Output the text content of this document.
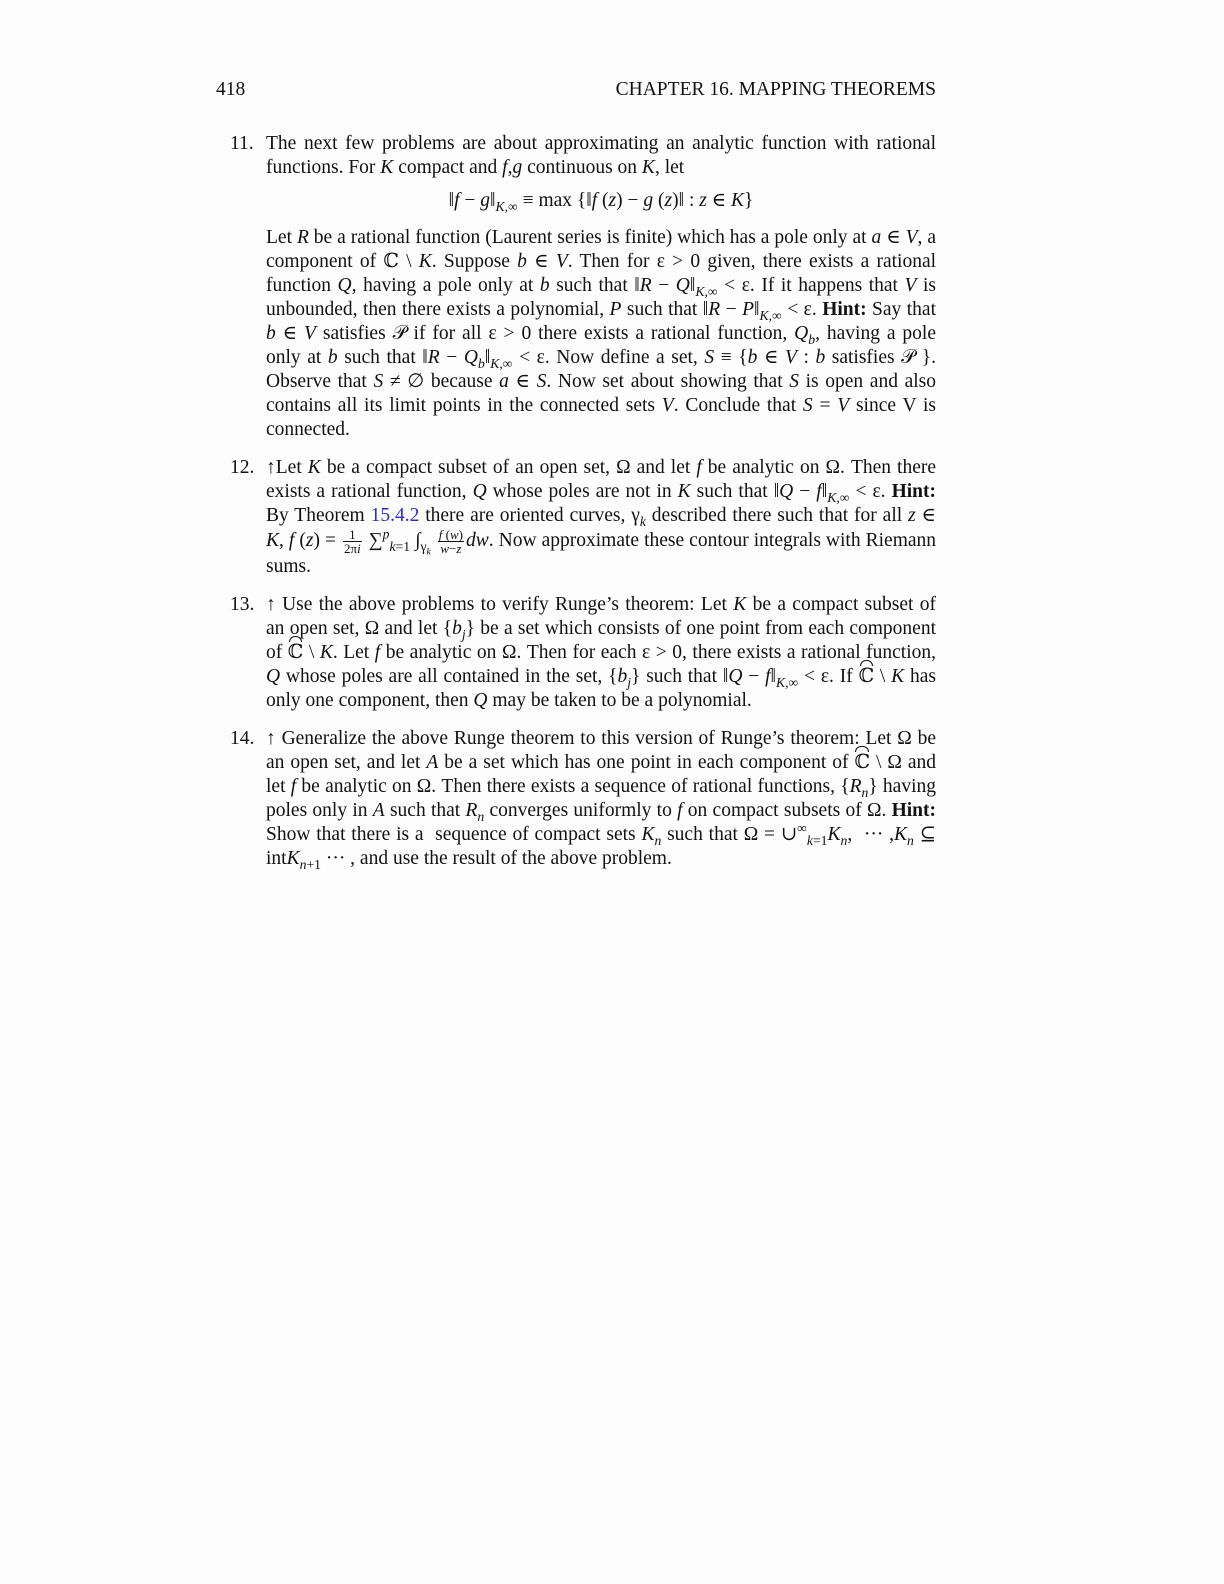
418	CHAPTER 16. MAPPING THEOREMS
11. The next few problems are about approximating an analytic function with rational functions. For K compact and f,g continuous on K, let
‖f − $g‖_{K,\infty} \equiv \max$ {‖f (z) − g (z)‖ : z ∈ K}
Let R be a rational function (Laurent series is finite) which has a pole only at a ∈ V, a component of ℂ \ K. Suppose b ∈ V. Then for ε > 0 given, there exists a rational function Q, having a pole only at b such that ‖R − $Q‖_{K,\infty} < \varepsilon$. If it happens that V is unbounded, then there exists a polynomial, P such that ‖R − $P‖_{K,\infty} < \varepsilon$. Hint: Say that b ∈ V satisfies 𝒫 if for all ε > 0 there exists a rational function, $Q_b$, having a pole only at b such that ‖R − $Q_b‖_{K,\infty} < \varepsilon$. Now define a set, S ≡ {b ∈ V : b satisfies 𝒫 }. Observe that S ≠ ∅ because a ∈ S. Now set about showing that S is open and also contains all its limit points in the connected sets V. Conclude that S = V since V is connected.
12. ↑Let K be a compact subset of an open set, Ω and let f be analytic on Ω. Then there exists a rational function, Q whose poles are not in K such that ‖Q − $f‖_{K,\infty} < \varepsilon$. Hint: By Theorem 15.4.2 there are oriented curves, $\gamma_k$ described there such that for all z ∈ K, f $(z) = \frac{1}{2\pi i} \sum^p_{k=1}$ $\int_{\gamma_k} \frac{f (w)}{w-z}$ dw. Now approximate these contour integrals with Riemann sums.
13. ↑ Use the above problems to verify Runge’s theorem: Let K be a compact subset of an open set, Ω and let $\{b_j\}$ be a set which consists of one point from each component of ℂ \ K. Let f be analytic on Ω. Then for each ε > 0, there exists a rational function, Q whose poles are all contained in the set, $\{b_j\}$ such that ‖Q − $f‖_{K,\infty} < \varepsilon$. If ℂ \ K has only one component, then Q may be taken to be a polynomial.
14. ↑ Generalize the above Runge theorem to this version of Runge’s theorem: Let Ω be an open set, and let A be a set which has one point in each component of ℂ \ Ω and let f be analytic on Ω. Then there exists a sequence of rational functions, $\{R_n\}$ having poles only in A such that $R_n$ converges uniformly to f on compact subsets of Ω. Hint: Show that there is a  sequence of compact sets $K_n$ such that $\Omega = \cup^\infty_{k=1}K_n$,  ··· $,K_n$ ⊆ intK$_{n+1}$ ··· , and use the result of the above problem.
